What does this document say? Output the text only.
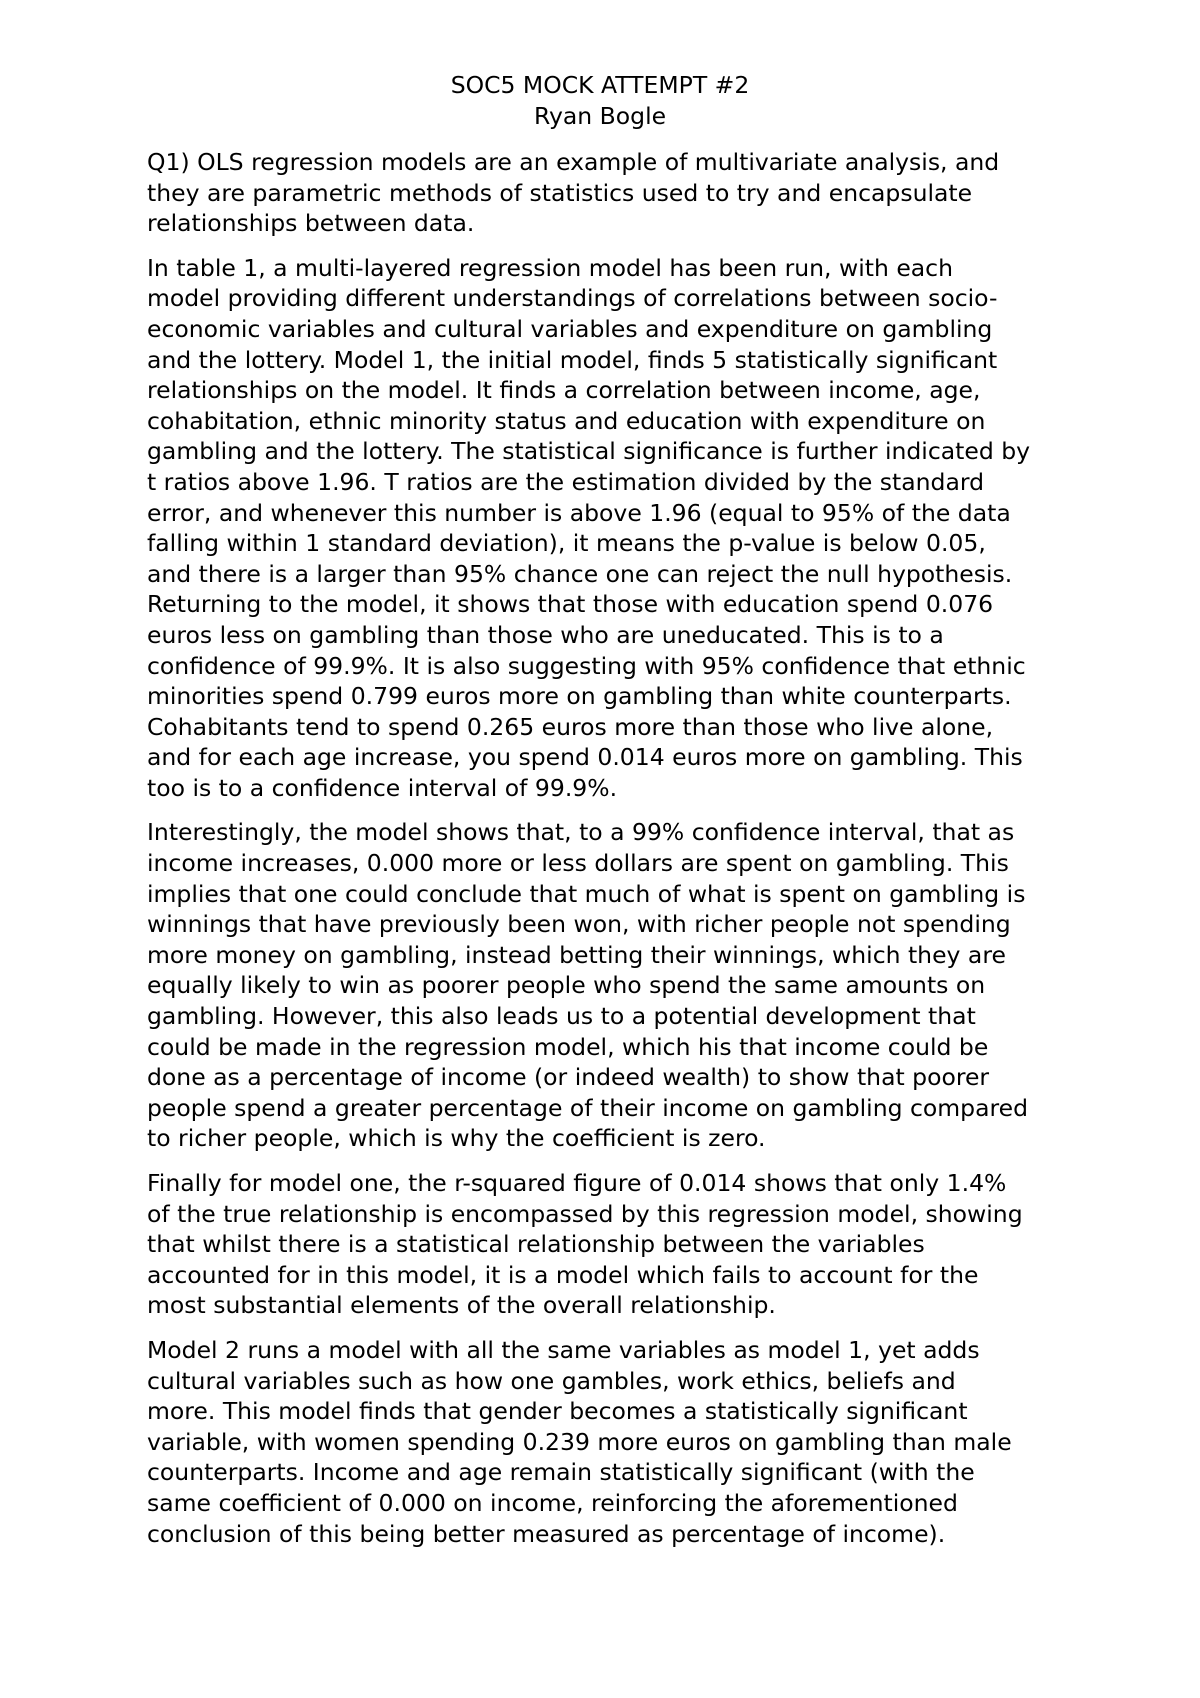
SOC5 MOCK ATTEMPT #2
Ryan Bogle

Q1) OLS regression models are an example of multivariate analysis, and
they are parametric methods of statistics used to try and encapsulate
relationships between data.

In table 1, a multi-layered regression model has been run, with each
model providing different understandings of correlations between socio-
economic variables and cultural variables and expenditure on gambling
and the lottery. Model 1, the initial model, finds 5 statistically significant
relationships on the model. It finds a correlation between income, age,
cohabitation, ethnic minority status and education with expenditure on
gambling and the lottery. The statistical significance is further indicated by
t ratios above 1.96. T ratios are the estimation divided by the standard
error, and whenever this number is above 1.96 (equal to 95% of the data
falling within 1 standard deviation), it means the p-value is below 0.05,
and there is a larger than 95% chance one can reject the null hypothesis.
Returning to the model, it shows that those with education spend 0.076
euros less on gambling than those who are uneducated. This is to a
confidence of 99.9%. It is also suggesting with 95% confidence that ethnic
minorities spend 0.799 euros more on gambling than white counterparts.
Cohabitants tend to spend 0.265 euros more than those who live alone,
and for each age increase, you spend 0.014 euros more on gambling. This
too is to a confidence interval of 99.9%.

Interestingly, the model shows that, to a 99% confidence interval, that as
income increases, 0.000 more or less dollars are spent on gambling. This
implies that one could conclude that much of what is spent on gambling is
winnings that have previously been won, with richer people not spending
more money on gambling, instead betting their winnings, which they are
equally likely to win as poorer people who spend the same amounts on
gambling. However, this also leads us to a potential development that
could be made in the regression model, which his that income could be
done as a percentage of income (or indeed wealth) to show that poorer
people spend a greater percentage of their income on gambling compared
to richer people, which is why the coefficient is zero.

Finally for model one, the r-squared figure of 0.014 shows that only 1.4%
of the true relationship is encompassed by this regression model, showing
that whilst there is a statistical relationship between the variables
accounted for in this model, it is a model which fails to account for the
most substantial elements of the overall relationship.

Model 2 runs a model with all the same variables as model 1, yet adds
cultural variables such as how one gambles, work ethics, beliefs and
more. This model finds that gender becomes a statistically significant
variable, with women spending 0.239 more euros on gambling than male
counterparts. Income and age remain statistically significant (with the
same coefficient of 0.000 on income, reinforcing the aforementioned
conclusion of this being better measured as percentage of income).
